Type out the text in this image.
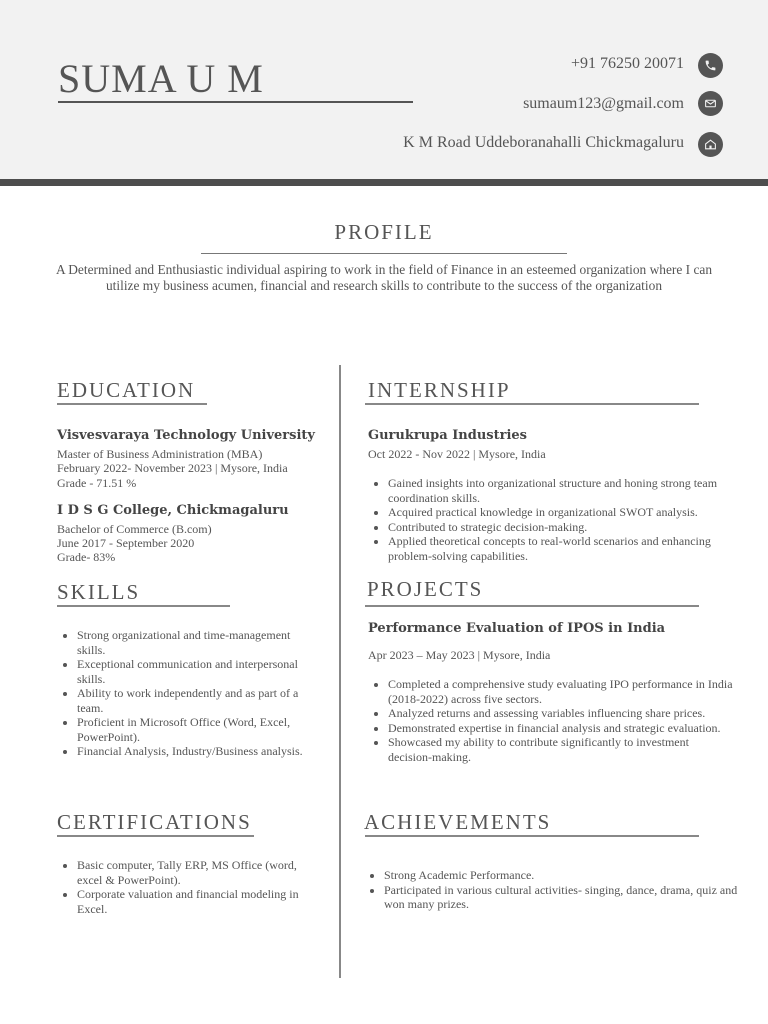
SUMA U M	+91 76250 20071
sumaum123@gmail.com
K M Road Uddeboranahalli Chickmagaluru
PROFILE
A Determined and Enthusiastic individual aspiring to work in the field of Finance in an esteemed organization where I can utilize my business acumen, financial and research skills to contribute to the success of the organization
EDUCATION
Visvesvaraya Technology University
Master of Business Administration (MBA)
February 2022- November 2023 | Mysore, India
Grade - 71.51 %
I D S G College, Chickmagaluru
Bachelor of Commerce (B.com)
June 2017 - September 2020
Grade- 83%
SKILLS
• Strong organizational and time-management skills.
• Exceptional communication and interpersonal skills.
• Ability to work independently and as part of a team.
• Proficient in Microsoft Office (Word, Excel, PowerPoint).
• Financial Analysis, Industry/Business analysis.
CERTIFICATIONS
• Basic computer, Tally ERP, MS Office (word, excel & PowerPoint).
• Corporate valuation and financial modeling in Excel.
INTERNSHIP
Gurukrupa Industries
Oct 2022 - Nov 2022 | Mysore, India
• Gained insights into organizational structure and honing strong team coordination skills.
• Acquired practical knowledge in organizational SWOT analysis.
• Contributed to strategic decision-making.
• Applied theoretical concepts to real-world scenarios and enhancing problem-solving capabilities.
PROJECTS
Performance Evaluation of IPOS in India
Apr 2023 – May 2023 | Mysore, India
• Completed a comprehensive study evaluating IPO performance in India (2018-2022) across five sectors.
• Analyzed returns and assessing variables influencing share prices.
• Demonstrated expertise in financial analysis and strategic evaluation.
• Showcased my ability to contribute significantly to investment decision-making.
ACHIEVEMENTS
• Strong Academic Performance.
• Participated in various cultural activities- singing, dance, drama, quiz and won many prizes.
